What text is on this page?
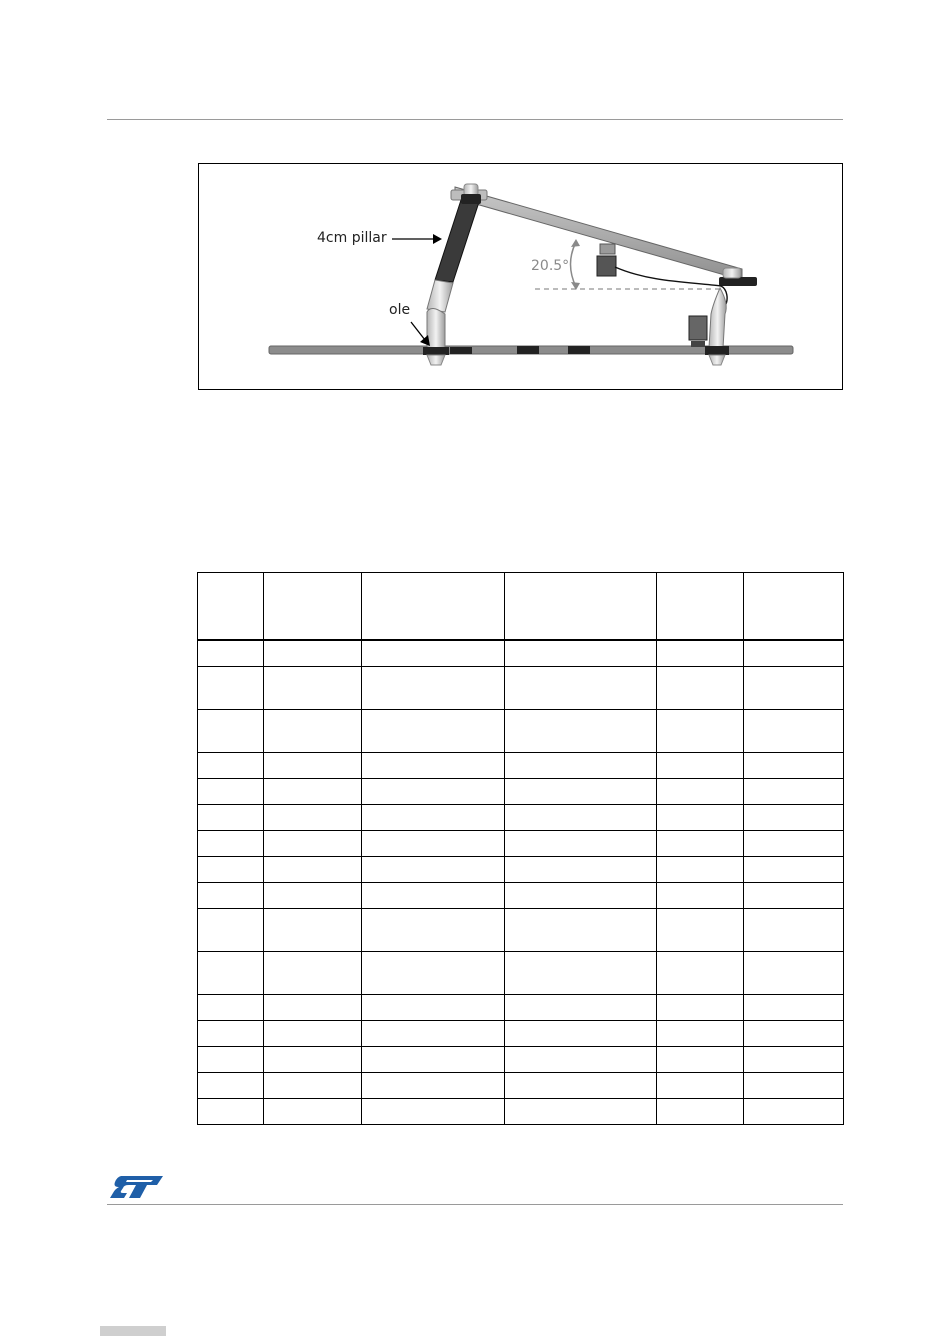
4cm pillar
ole
20.5°
